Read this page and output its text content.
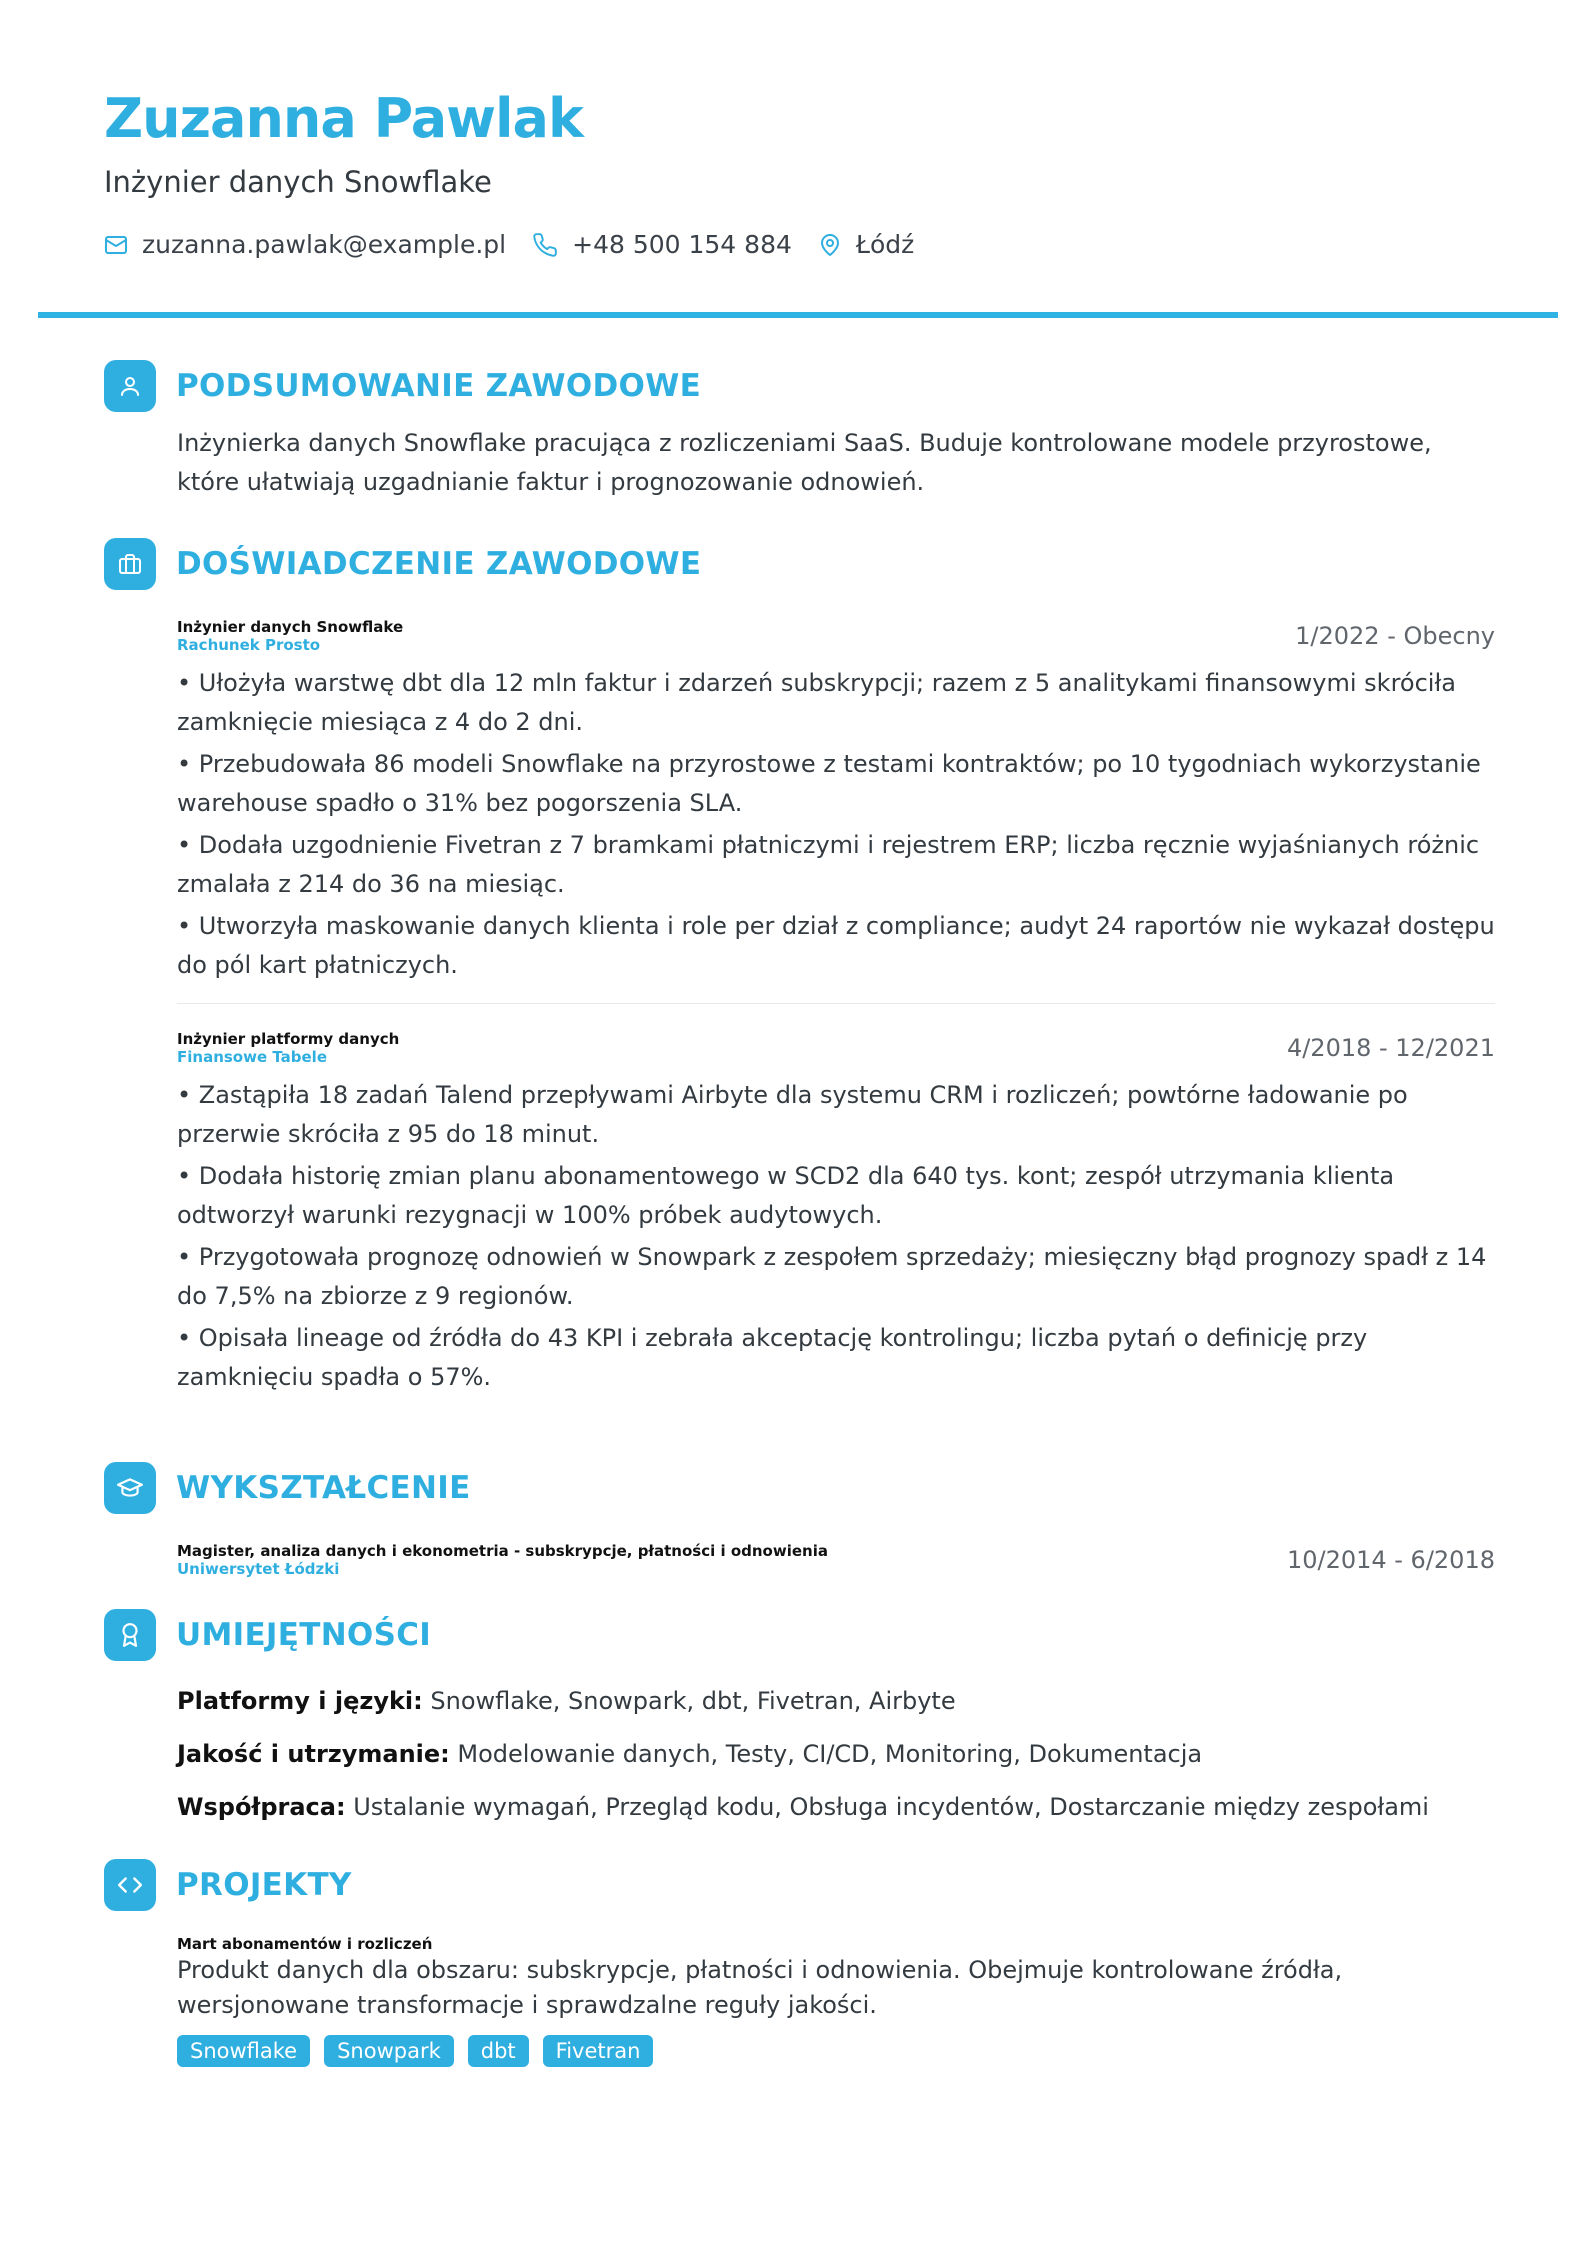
Zuzanna Pawlak
Inżynier danych Snowflake
zuzanna.pawlak@example.pl	+48 500 154 884	Łódź
PODSUMOWANIE ZAWODOWE
Inżynierka danych Snowflake pracująca z rozliczeniami SaaS. Buduje kontrolowane modele przyrostowe, które ułatwiają uzgadnianie faktur i prognozowanie odnowień.
DOŚWIADCZENIE ZAWODOWE
Inżynier danych Snowflake
Rachunek Prosto	1/2022 - Obecny
• Ułożyła warstwę dbt dla 12 mln faktur i zdarzeń subskrypcji; razem z 5 analitykami finansowymi skróciła zamknięcie miesiąca z 4 do 2 dni.
• Przebudowała 86 modeli Snowflake na przyrostowe z testami kontraktów; po 10 tygodniach wykorzystanie warehouse spadło o 31% bez pogorszenia SLA.
• Dodała uzgodnienie Fivetran z 7 bramkami płatniczymi i rejestrem ERP; liczba ręcznie wyjaśnianych różnic zmalała z 214 do 36 na miesiąc.
• Utworzyła maskowanie danych klienta i role per dział z compliance; audyt 24 raportów nie wykazał dostępu do pól kart płatniczych.
Inżynier platformy danych
Finansowe Tabele	4/2018 - 12/2021
• Zastąpiła 18 zadań Talend przepływami Airbyte dla systemu CRM i rozliczeń; powtórne ładowanie po przerwie skróciła z 95 do 18 minut.
• Dodała historię zmian planu abonamentowego w SCD2 dla 640 tys. kont; zespół utrzymania klienta odtworzył warunki rezygnacji w 100% próbek audytowych.
• Przygotowała prognozę odnowień w Snowpark z zespołem sprzedaży; miesięczny błąd prognozy spadł z 14 do 7,5% na zbiorze z 9 regionów.
• Opisała lineage od źródła do 43 KPI i zebrała akceptację kontrolingu; liczba pytań o definicję przy zamknięciu spadła o 57%.
WYKSZTAŁCENIE
Magister, analiza danych i ekonometria - subskrypcje, płatności i odnowienia
Uniwersytet Łódzki	10/2014 - 6/2018
UMIEJĘTNOŚCI
Platformy i języki: Snowflake, Snowpark, dbt, Fivetran, Airbyte
Jakość i utrzymanie: Modelowanie danych, Testy, CI/CD, Monitoring, Dokumentacja
Współpraca: Ustalanie wymagań, Przegląd kodu, Obsługa incydentów, Dostarczanie między zespołami
PROJEKTY
Mart abonamentów i rozliczeń
Produkt danych dla obszaru: subskrypcje, płatności i odnowienia. Obejmuje kontrolowane źródła, wersjonowane transformacje i sprawdzalne reguły jakości.
Snowflake	Snowpark	dbt	Fivetran
